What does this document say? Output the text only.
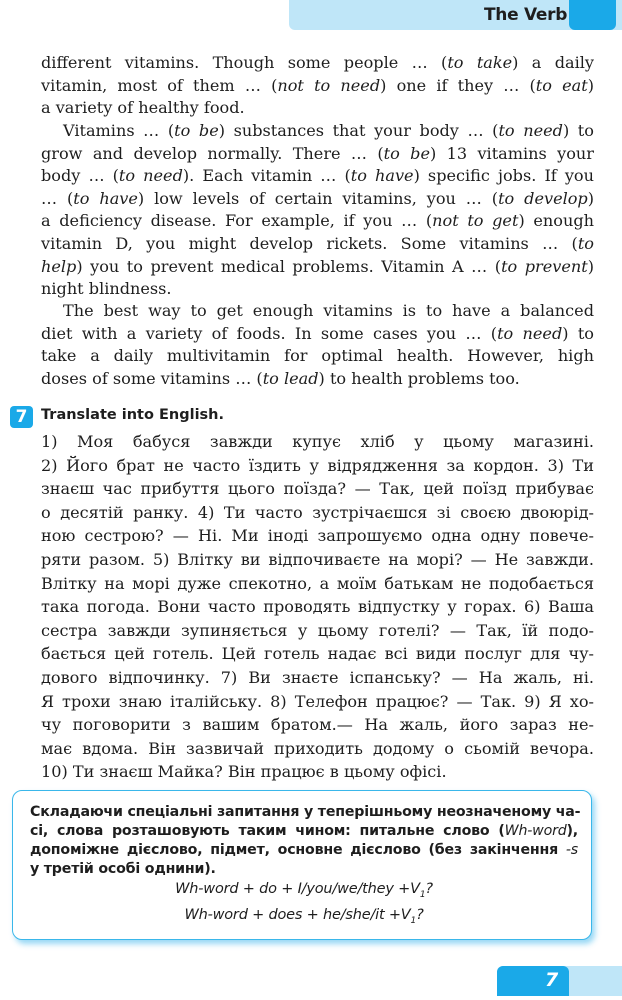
The Verb
different vitamins. Though some people … (to take) a daily
vitamin, most of them … (not to need) one if they … (to eat)
a variety of healthy food.
Vitamins … (to be) substances that your body … (to need) to
grow and develop normally. There … (to be) 13 vitamins your
body … (to need). Each vitamin … (to have) specific jobs. If you
… (to have) low levels of certain vitamins, you … (to develop)
a deficiency disease. For example, if you … (not to get) enough
vitamin D, you might develop rickets. Some vitamins … (to
help) you to prevent medical problems. Vitamin A … (to prevent)
night blindness.
The best way to get enough vitamins is to have a balanced
diet with a variety of foods. In some cases you … (to need) to
take a daily multivitamin for optimal health. However, high
doses of some vitamins … (to lead) to health problems too.
7 Translate into English.
1) Моя бабуся завжди купує хліб у цьому магазині.
2) Його брат не часто їздить у відрядження за кордон. 3) Ти
знаєш час прибуття цього поїзда? — Так, цей поїзд прибуває
о десятій ранку. 4) Ти часто зустрічаєшся зі своєю двоюрід-
ною сестрою? — Ні. Ми іноді запрошуємо одна одну повече-
ряти разом. 5) Влітку ви відпочиваєте на морі? — Не завжди.
Влітку на морі дуже спекотно, а моїм батькам не подобається
така погода. Вони часто проводять відпустку у горах. 6) Ваша
сестра завжди зупиняється у цьому готелі? — Так, їй подо-
бається цей готель. Цей готель надає всі види послуг для чу-
дового відпочинку. 7) Ви знаєте іспанську? — На жаль, ні.
Я трохи знаю італійську. 8) Телефон працює? — Так. 9) Я хо-
чу поговорити з вашим братом.— На жаль, його зараз не-
має вдома. Він зазвичай приходить додому о сьомій вечора.
10) Ти знаєш Майка? Він працює в цьому офісі.
Складаючи спеціальні запитання у теперішньому неозначеному ча-
сі, слова розташовують таким чином: питальне слово (Wh-word),
допоміжне дієслово, підмет, основне дієслово (без закінчення -s
у третій особі однини).
Wh-word + do + I/you/we/they $+V_1$?
Wh-word + does + $he/she/it +V_1$?
7
